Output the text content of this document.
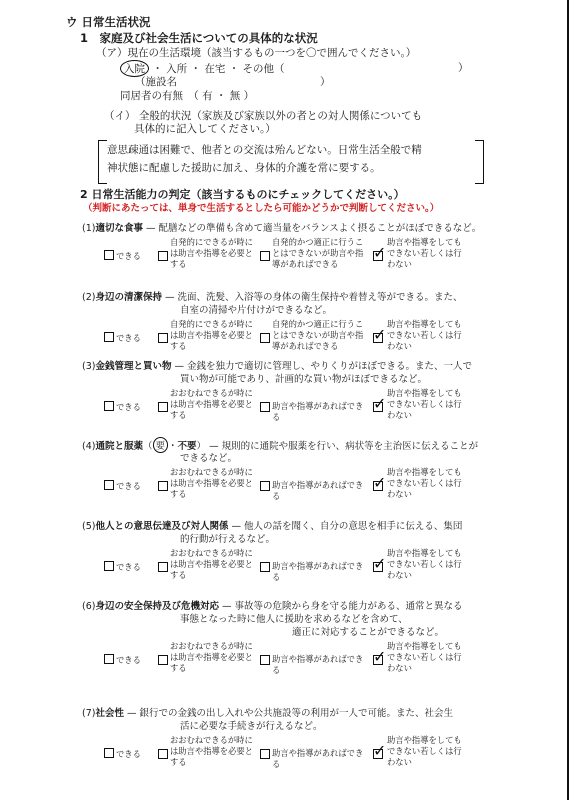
ウ 日常生活状況
1　家庭及び社会生活についての具体的な状況
（ア）現在の生活環境（該当するもの一つを〇で囲んでください。）
入院 ・ 入所 ・ 在宅 ・ その他（	）
（施設名	）
同居者の有無　（ 有 ・ 無 ）
（イ） 全般的状況（家族及び家族以外の者との対人関係についても
具体的に記入してください。）
意思疎通は困難で、他者との交流は殆んどない。日常生活全般で精
神状態に配慮した援助に加え、身体的介護を常に要する。
2 日常生活能力の判定（該当するものにチェックしてください。）
（判断にあたっては、単身で生活するとしたら可能かどうかで判断してください。）
(1)適切な食事 — 配膳などの準備も含めて適当量をバランスよく摂ることがほぼできるなど。
できる
自発的にできるが時には助言や指導を必要とする
自発的かつ適正に行うことはできないが助言や指導があればできる
✓
助言や指導をしてもできない若しくは行わない
(2)身辺の清潔保持 — 洗面、洗髪、入浴等の身体の衛生保持や着替え等ができる。また、
自室の清掃や片付けができるなど。
できる
自発的にできるが時には助言や指導を必要とする
自発的かつ適正に行うことはできないが助言や指導があればできる
✓
助言や指導をしてもできない若しくは行わない
(3)金銭管理と買い物 — 金銭を独力で適切に管理し、やりくりがほぼできる。また、一人で
買い物が可能であり、計画的な買い物がほぼできるなど。
できる
おおむねできるが時には助言や指導を必要とする
助言や指導があればできる
✓
助言や指導をしてもできない若しくは行わない
(4)通院と服薬（ 要 ・不要） — 規則的に通院や服薬を行い、病状等を主治医に伝えることが
できるなど。
できる
おおむねできるが時には助言や指導を必要とする
助言や指導があればできる
✓
助言や指導をしてもできない若しくは行わない
(5)他人との意思伝達及び対人関係 — 他人の話を聞く、自分の意思を相手に伝える、集団
的行動が行えるなど。
できる
おおむねできるが時には助言や指導を必要とする
助言や指導があればできる
✓
助言や指導をしてもできない若しくは行わない
(6)身辺の安全保持及び危機対応 — 事故等の危険から身を守る能力がある、通常と異なる
事態となった時に他人に援助を求めるなどを含めて、
適正に対応することができるなど。
できる
おおむねできるが時には助言や指導を必要とする
助言や指導があればできる
✓
助言や指導をしてもできない若しくは行わない
(7)社会性 — 銀行での金銭の出し入れや公共施設等の利用が一人で可能。また、社会生
活に必要な手続きが行えるなど。
できる
おおむねできるが時には助言や指導を必要とする
助言や指導があればできる
✓
助言や指導をしてもできない若しくは行わない
